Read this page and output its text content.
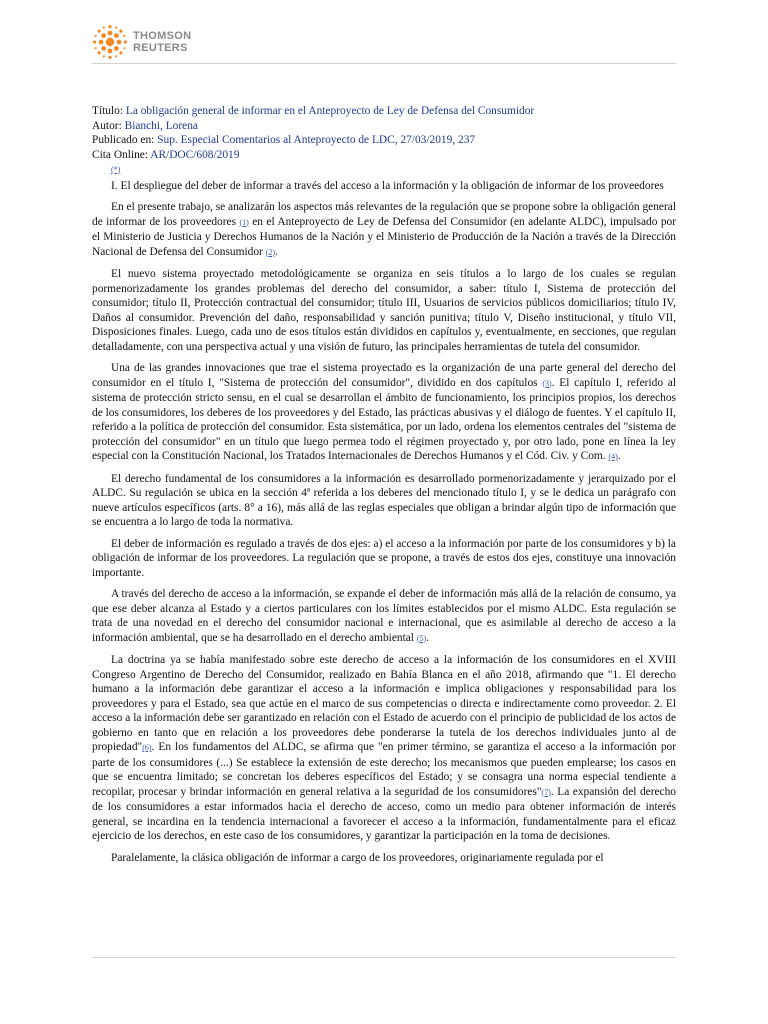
THOMSON
REUTERS
Título: La obligación general de informar en el Anteproyecto de Ley de Defensa del Consumidor
Autor: Bianchi, Lorena
Publicado en: Sup. Especial Comentarios al Anteproyecto de LDC, 27/03/2019, 237
Cita Online: AR/DOC/608/2019
(*)

I. El despliegue del deber de informar a través del acceso a la información y la obligación de informar de los proveedores

En el presente trabajo, se analizarán los aspectos más relevantes de la regulación que se propone sobre la obligación general de informar de los proveedores (1) en el Anteproyecto de Ley de Defensa del Consumidor (en adelante ALDC), impulsado por el Ministerio de Justicia y Derechos Humanos de la Nación y el Ministerio de Producción de la Nación a través de la Dirección Nacional de Defensa del Consumidor (2).

El nuevo sistema proyectado metodológicamente se organiza en seis títulos a lo largo de los cuales se regulan pormenorizadamente los grandes problemas del derecho del consumidor, a saber: título I, Sistema de protección del consumidor; título II, Protección contractual del consumidor; título III, Usuarios de servicios públicos domiciliarios; título IV, Daños al consumidor. Prevención del daño, responsabilidad y sanción punitiva; título V, Diseño institucional, y título VII, Disposiciones finales. Luego, cada uno de esos títulos están divididos en capítulos y, eventualmente, en secciones, que regulan detalladamente, con una perspectiva actual y una visión de futuro, las principales herramientas de tutela del consumidor.

Una de las grandes innovaciones que trae el sistema proyectado es la organización de una parte general del derecho del consumidor en el título I, "Sistema de protección del consumidor", dividido en dos capítulos (3). El capítulo I, referido al sistema de protección stricto sensu, en el cual se desarrollan el ámbito de funcionamiento, los principios propios, los derechos de los consumidores, los deberes de los proveedores y del Estado, las prácticas abusivas y el diálogo de fuentes. Y el capítulo II, referido a la política de protección del consumidor. Esta sistemática, por un lado, ordena los elementos centrales del "sistema de protección del consumidor" en un título que luego permea todo el régimen proyectado y, por otro lado, pone en línea la ley especial con la Constitución Nacional, los Tratados Internacionales de Derechos Humanos y el Cód. Civ. y Com. (4).

El derecho fundamental de los consumidores a la información es desarrollado pormenorizadamente y jerarquizado por el ALDC. Su regulación se ubica en la sección 4ª referida a los deberes del mencionado título I, y se le dedica un parágrafo con nueve artículos específicos (arts. 8° a 16), más allá de las reglas especiales que obligan a brindar algún tipo de información que se encuentra a lo largo de toda la normativa.

El deber de información es regulado a través de dos ejes: a) el acceso a la información por parte de los consumidores y b) la obligación de informar de los proveedores. La regulación que se propone, a través de estos dos ejes, constituye una innovación importante.

A través del derecho de acceso a la información, se expande el deber de información más allá de la relación de consumo, ya que ese deber alcanza al Estado y a ciertos particulares con los límites establecidos por el mismo ALDC. Esta regulación se trata de una novedad en el derecho del consumidor nacional e internacional, que es asimilable al derecho de acceso a la información ambiental, que se ha desarrollado en el derecho ambiental (5).

La doctrina ya se había manifestado sobre este derecho de acceso a la información de los consumidores en el XVIII Congreso Argentino de Derecho del Consumidor, realizado en Bahía Blanca en el año 2018, afirmando que "1. El derecho humano a la información debe garantizar el acceso a la información e implica obligaciones y responsabilidad para los proveedores y para el Estado, sea que actúe en el marco de sus competencias o directa e indirectamente como proveedor. 2. El acceso a la información debe ser garantizado en relación con el Estado de acuerdo con el principio de publicidad de los actos de gobierno en tanto que en relación a los proveedores debe ponderarse la tutela de los derechos individuales junto al de propiedad"(6). En los fundamentos del ALDC, se afirma que "en primer término, se garantiza el acceso a la información por parte de los consumidores (...) Se establece la extensión de este derecho; los mecanismos que pueden emplearse; los casos en que se encuentra limitado; se concretan los deberes específicos del Estado; y se consagra una norma especial tendiente a recopilar, procesar y brindar información en general relativa a la seguridad de los consumidores"(7). La expansión del derecho de los consumidores a estar informados hacia el derecho de acceso, como un medio para obtener información de interés general, se incardina en la tendencia internacional a favorecer el acceso a la información, fundamentalmente para el eficaz ejercicio de los derechos, en este caso de los consumidores, y garantizar la participación en la toma de decisiones.

Paralelamente, la clásica obligación de informar a cargo de los proveedores, originariamente regulada por el
